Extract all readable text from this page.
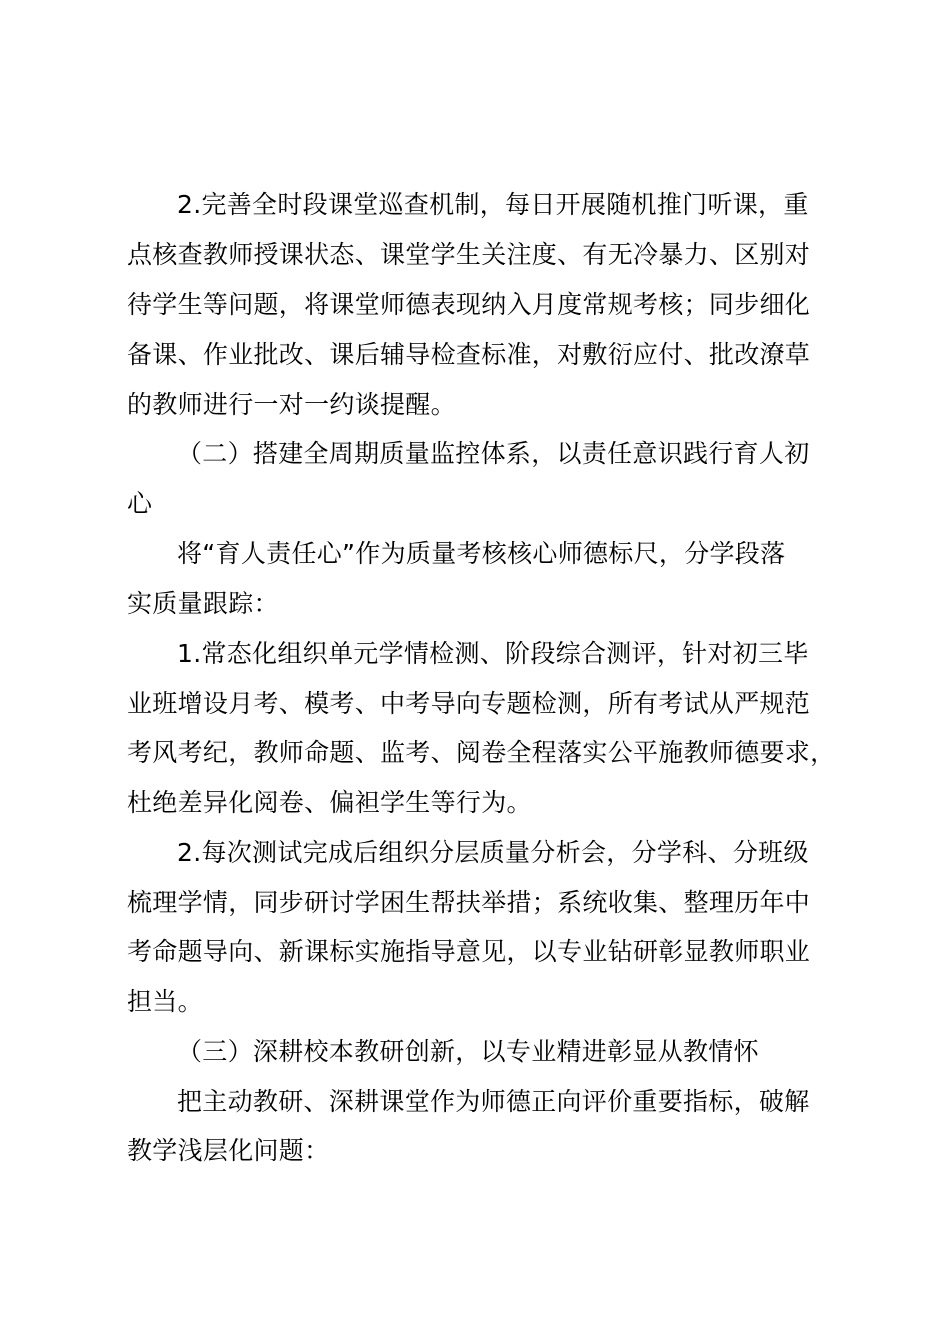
2.完善全时段课堂巡查机制，每日开展随机推门听课，重
点核查教师授课状态、课堂学生关注度、有无冷暴力、区别对
待学生等问题，将课堂师德表现纳入月度常规考核；同步细化
备课、作业批改、课后辅导检查标准，对敷衍应付、批改潦草
的教师进行一对一约谈提醒。
（二）搭建全周期质量监控体系，以责任意识践行育人初
心
将“育人责任心”作为质量考核核心师德标尺，分学段落
实质量跟踪：
1.常态化组织单元学情检测、阶段综合测评，针对初三毕
业班增设月考、模考、中考导向专题检测，所有考试从严规范
考风考纪，教师命题、监考、阅卷全程落实公平施教师德要求，
杜绝差异化阅卷、偏袒学生等行为。
2.每次测试完成后组织分层质量分析会，分学科、分班级
梳理学情，同步研讨学困生帮扶举措；系统收集、整理历年中
考命题导向、新课标实施指导意见，以专业钻研彰显教师职业
担当。
（三）深耕校本教研创新，以专业精进彰显从教情怀
把主动教研、深耕课堂作为师德正向评价重要指标，破解
教学浅层化问题：
